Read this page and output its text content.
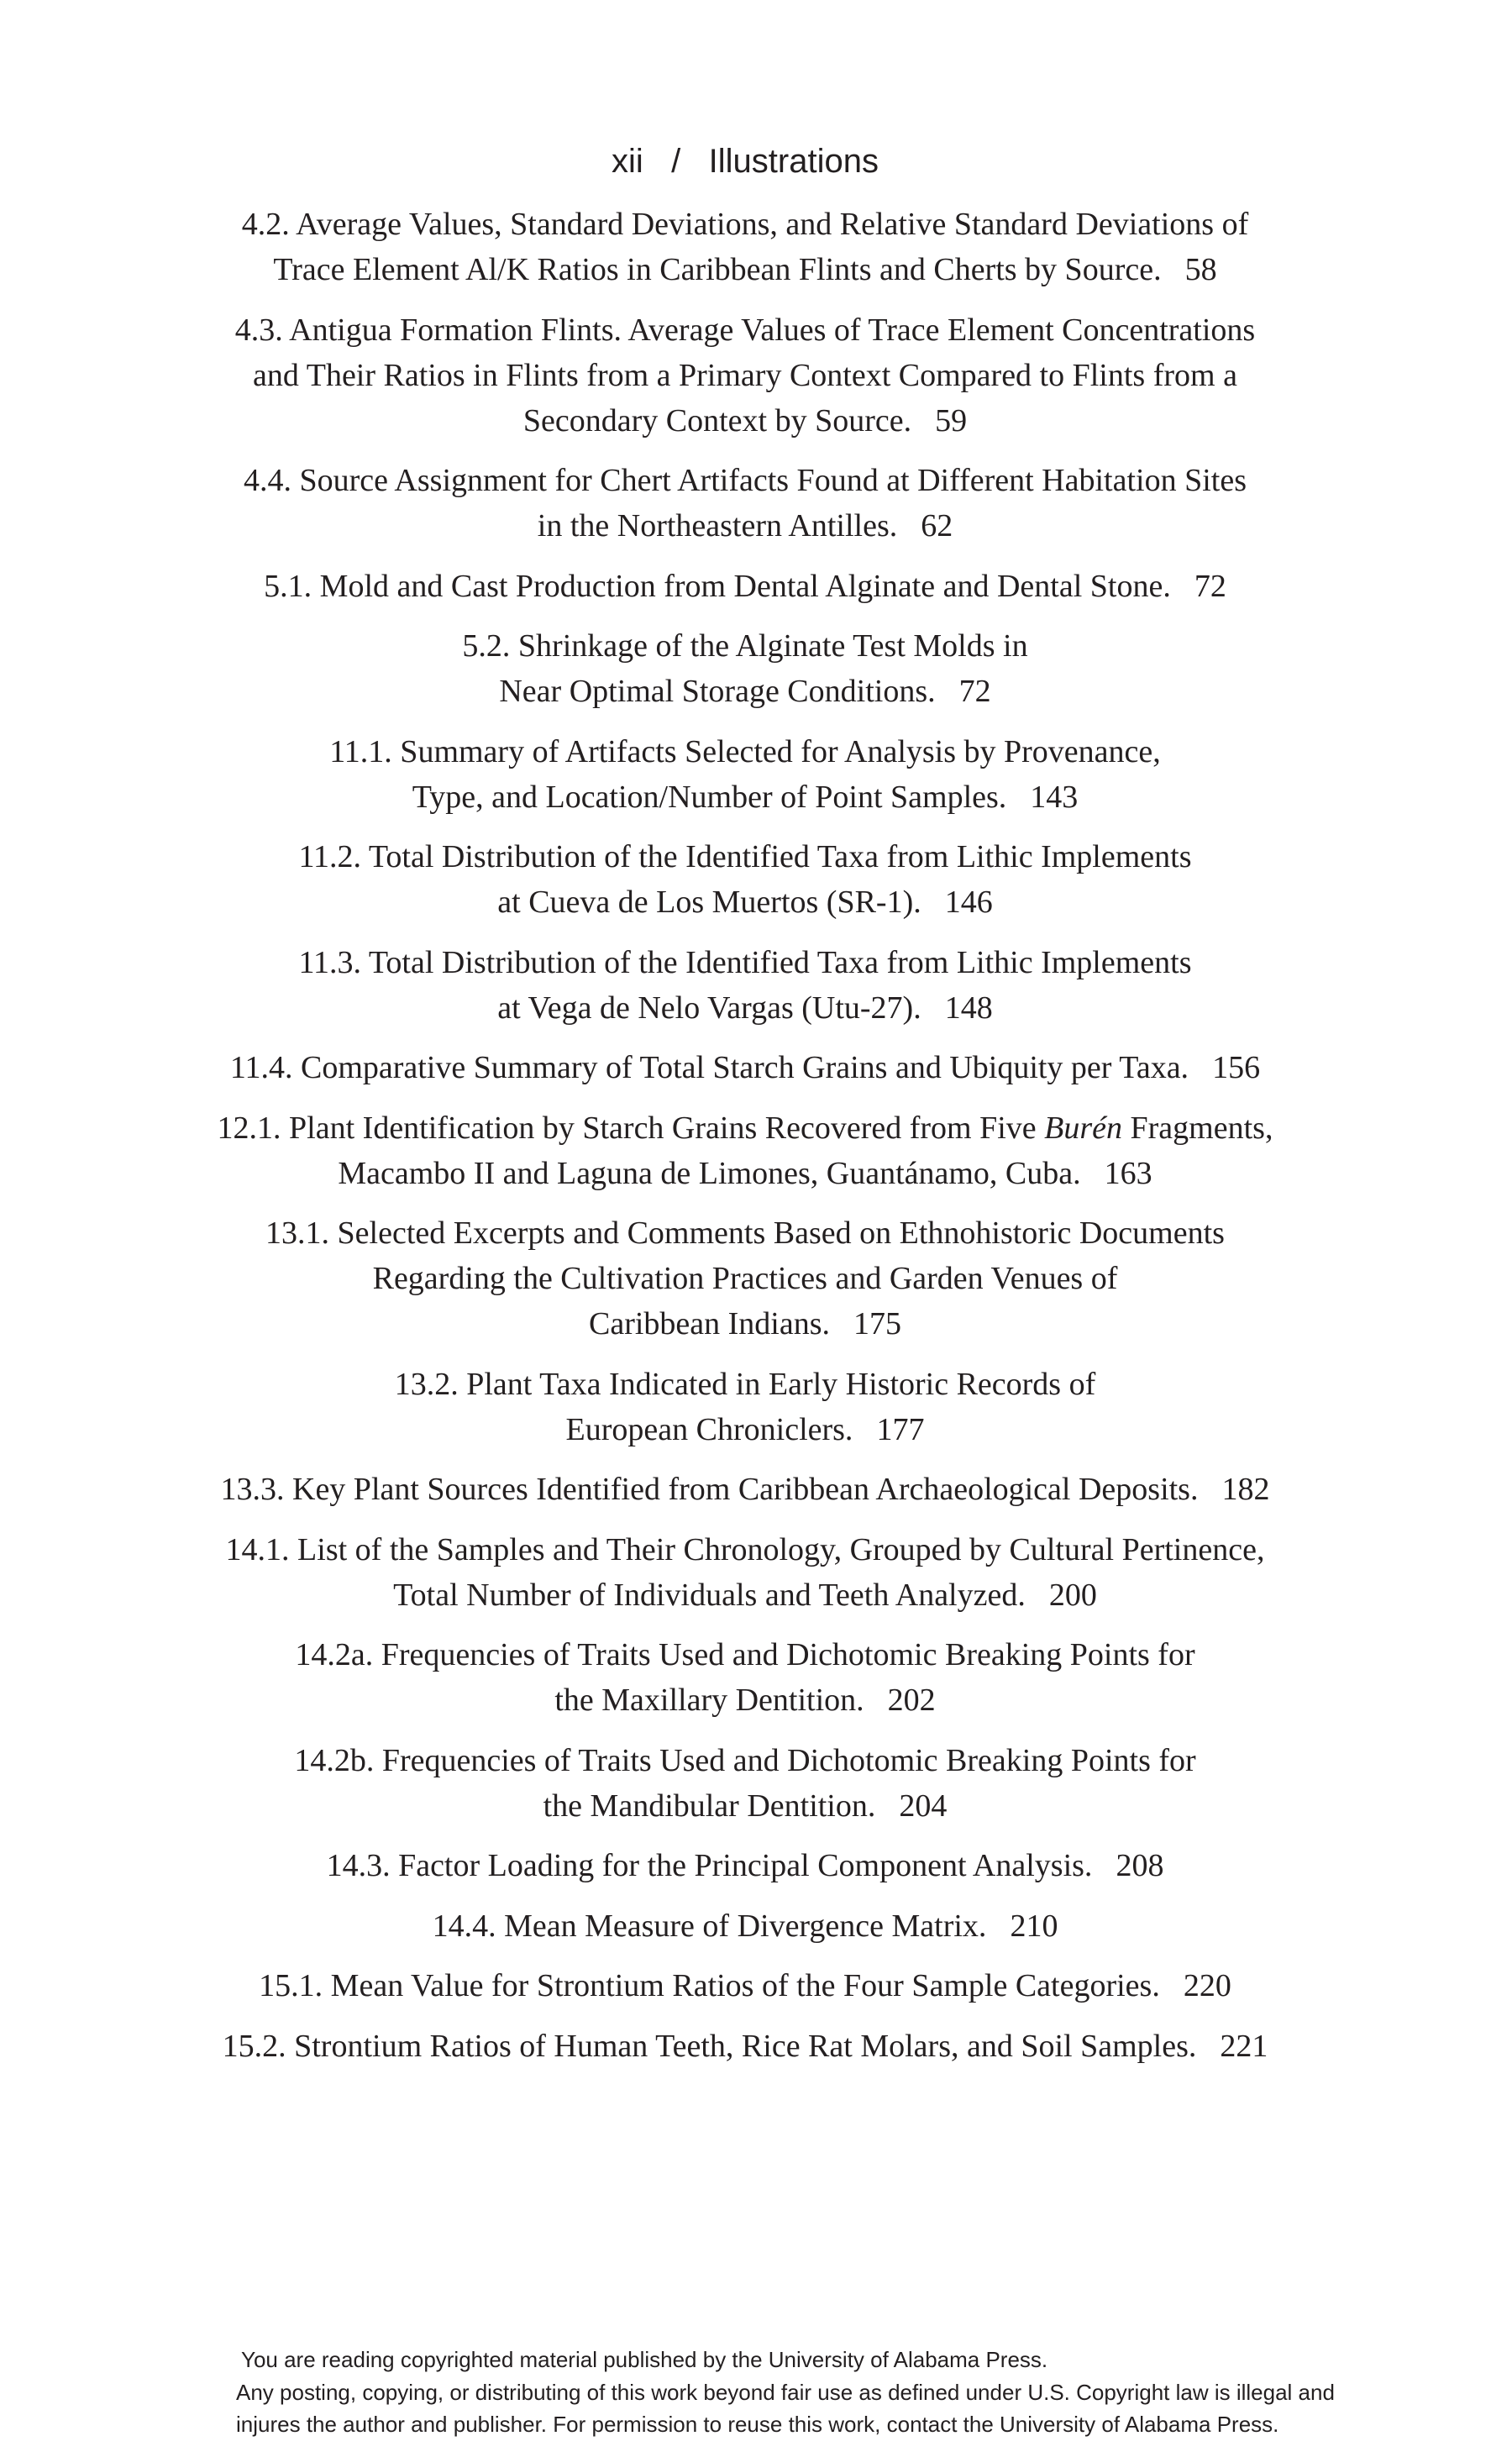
xii / Illustrations
4.2. Average Values, Standard Deviations, and Relative Standard Deviations of
Trace Element Al/K Ratios in Caribbean Flints and Cherts by Source. 58
4.3. Antigua Formation Flints. Average Values of Trace Element Concentrations
and Their Ratios in Flints from a Primary Context Compared to Flints from a
Secondary Context by Source. 59
4.4. Source Assignment for Chert Artifacts Found at Different Habitation Sites
in the Northeastern Antilles. 62
5.1. Mold and Cast Production from Dental Alginate and Dental Stone. 72
5.2. Shrinkage of the Alginate Test Molds in
Near Optimal Storage Conditions. 72
11.1. Summary of Artifacts Selected for Analysis by Provenance,
Type, and Location/Number of Point Samples. 143
11.2. Total Distribution of the Identified Taxa from Lithic Implements
at Cueva de Los Muertos (SR-1). 146
11.3. Total Distribution of the Identified Taxa from Lithic Implements
at Vega de Nelo Vargas (Utu-27). 148
11.4. Comparative Summary of Total Starch Grains and Ubiquity per Taxa. 156
12.1. Plant Identification by Starch Grains Recovered from Five Burén Fragments,
Macambo II and Laguna de Limones, Guantánamo, Cuba. 163
13.1. Selected Excerpts and Comments Based on Ethnohistoric Documents
Regarding the Cultivation Practices and Garden Venues of
Caribbean Indians. 175
13.2. Plant Taxa Indicated in Early Historic Records of
European Chroniclers. 177
13.3. Key Plant Sources Identified from Caribbean Archaeological Deposits. 182
14.1. List of the Samples and Their Chronology, Grouped by Cultural Pertinence,
Total Number of Individuals and Teeth Analyzed. 200
14.2a. Frequencies of Traits Used and Dichotomic Breaking Points for
the Maxillary Dentition. 202
14.2b. Frequencies of Traits Used and Dichotomic Breaking Points for
the Mandibular Dentition. 204
14.3. Factor Loading for the Principal Component Analysis. 208
14.4. Mean Measure of Divergence Matrix. 210
15.1. Mean Value for Strontium Ratios of the Four Sample Categories. 220
15.2. Strontium Ratios of Human Teeth, Rice Rat Molars, and Soil Samples. 221
You are reading copyrighted material published by the University of Alabama Press.
Any posting, copying, or distributing of this work beyond fair use as defined under U.S. Copyright law is illegal and
injures the author and publisher. For permission to reuse this work, contact the University of Alabama Press.
